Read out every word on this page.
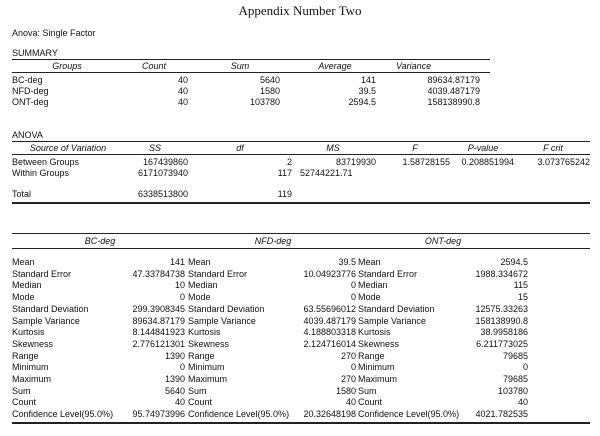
Appendix Number Two
Anova: Single Factor
SUMMARY
Groups	Count	Sum	Average	Variance
BC-deg	40	5640	141	89634.87179
NFD-deg	40	1580	39.5	4039.487179
ONT-deg	40	103780	2594.5	158138990.8
ANOVA
Source of Variation	SS	df	MS	F	P-value	F crit
Between Groups	167439860	2	83719930	1.58728155	0.208851994	3.073765242
Within Groups	6171073940	117 52744221.71
Total	6338513800	119
BC-deg	NFD-deg	ONT-deg
Mean	141 Mean	39.5 Mean	2594.5
Standard Error	47.33784738 Standard Error	10.04923776 Standard Error	1988.334672
Median	10 Median	0 Median	115
Mode	0 Mode	0 Mode	15
Standard Deviation	299.3908345 Standard Deviation	63.55696012 Standard Deviation	12575.33263
Sample Variance	89634.87179 Sample Variance	4039.487179 Sample Variance	158138990.8
Kurtosis	8.144841923 Kurtosis	4.188803318 Kurtosis	38.9958186
Skewness	2.776121301 Skewness	2.124716014 Skewness	6.211773025
Range	1390 Range	270 Range	79685
Minimum	0 Minimum	0 Minimum	0
Maximum	1390 Maximum	270 Maximum	79685
Sum	5640 Sum	1580 Sum	103780
Count	40 Count	40 Count	40
Confidence Level(95.0%)	95.74973996 Confidence Level(95.0%)	20.32648198 Confidence Level(95.0%)	4021.782535
